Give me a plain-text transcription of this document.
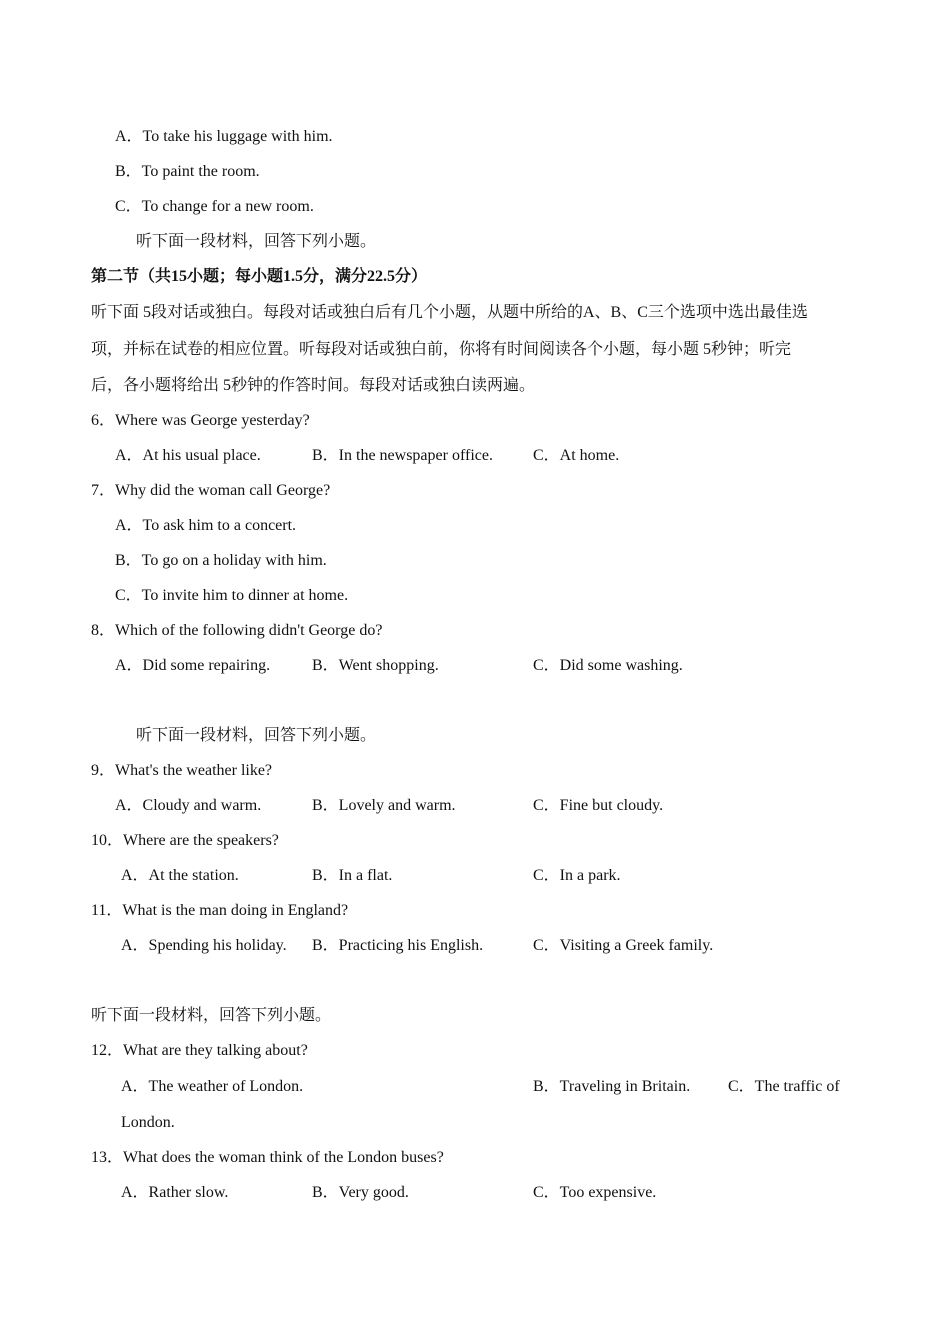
A．To take his luggage with him.
B．To paint the room.
C．To change for a new room.
听下面一段材料，回答下列小题。
第二节（共15小题；每小题1.5分，满分22.5分）
听下面 5段对话或独白。每段对话或独白后有几个小题，从题中所给的A、B、C三个选项中选出最佳选
项，并标在试卷的相应位置。听每段对话或独白前，你将有时间阅读各个小题，每小题 5秒钟；听完
后，各小题将给出 5秒钟的作答时间。每段对话或独白读两遍。
6．Where was George yesterday?
A．At his usual place.	B．In the newspaper office.	C．At home.
7．Why did the woman call George?
A．To ask him to a concert.
B．To go on a holiday with him.
C．To invite him to dinner at home.
8．Which of the following didn't George do?
A．Did some repairing.	B．Went shopping.	C．Did some washing.
听下面一段材料，回答下列小题。
9．What's the weather like?
A．Cloudy and warm.	B．Lovely and warm.	C．Fine but cloudy.
10．Where are the speakers?
A．At the station.	B．In a flat.	C．In a park.
11．What is the man doing in England?
A．Spending his holiday. B．Practicing his English.	C．Visiting a Greek family.
听下面一段材料，回答下列小题。
12．What are they talking about?
A．The weather of London.	B．Traveling in Britain. C．The traffic of
London.
13．What does the woman think of the London buses?
A．Rather slow.	B．Very good.	C．Too expensive.
